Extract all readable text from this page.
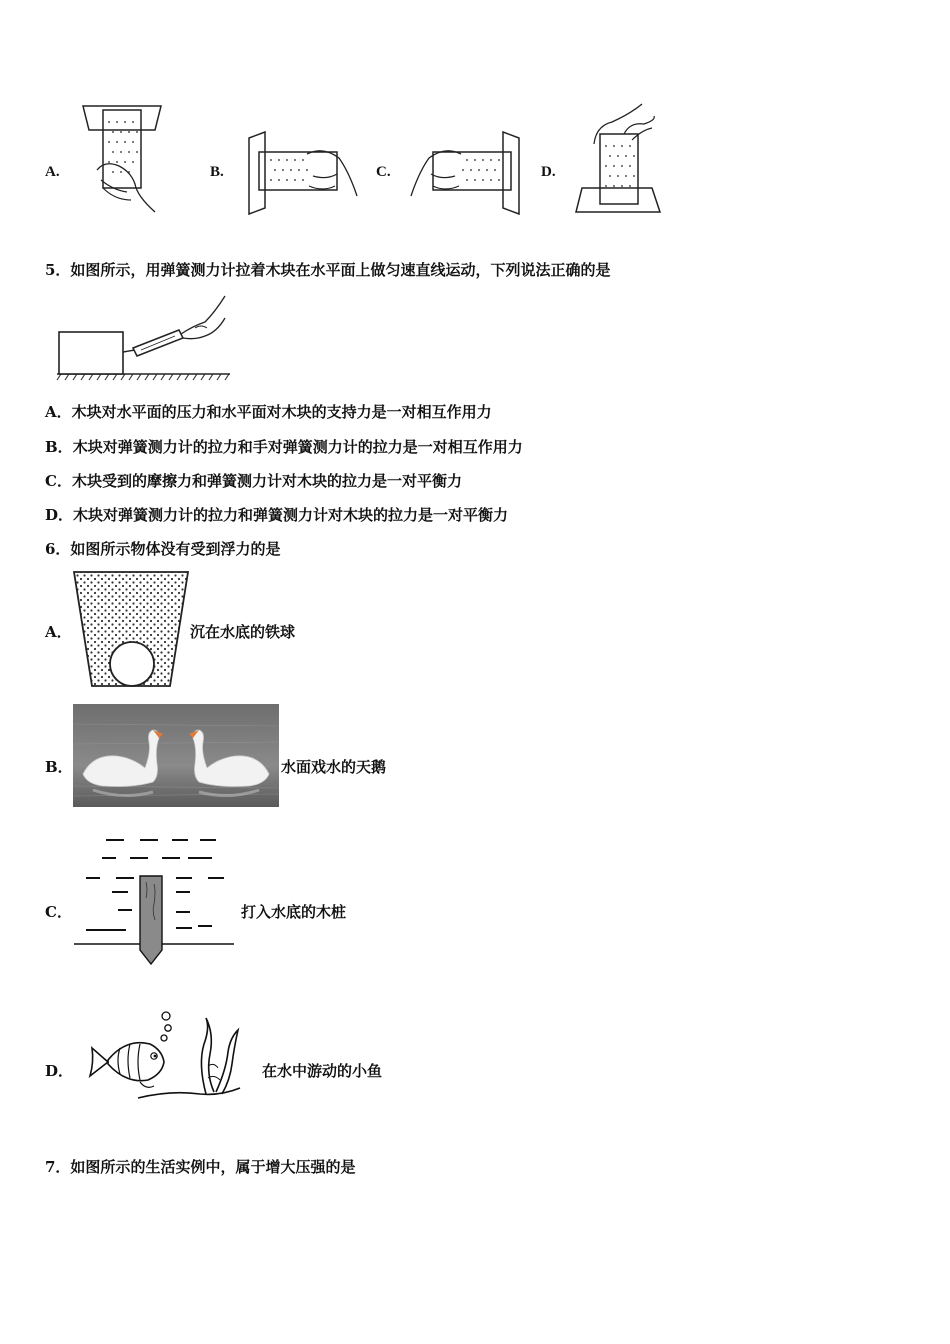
A.	B.	C.	D.
5．如图所示，用弹簧测力计拉着木块在水平面上做匀速直线运动，下列说法正确的是
A．木块对水平面的压力和水平面对木块的支持力是一对相互作用力
B．木块对弹簧测力计的拉力和手对弹簧测力计的拉力是一对相互作用力
C．木块受到的摩擦力和弹簧测力计对木块的拉力是一对平衡力
D．木块对弹簧测力计的拉力和弹簧测力计对木块的拉力是一对平衡力
6．如图所示物体没有受到浮力的是
A．	沉在水底的铁球
B．	水面戏水的天鹅
C．	打入水底的木桩
D．	在水中游动的小鱼
7．如图所示的生活实例中，属于增大压强的是
